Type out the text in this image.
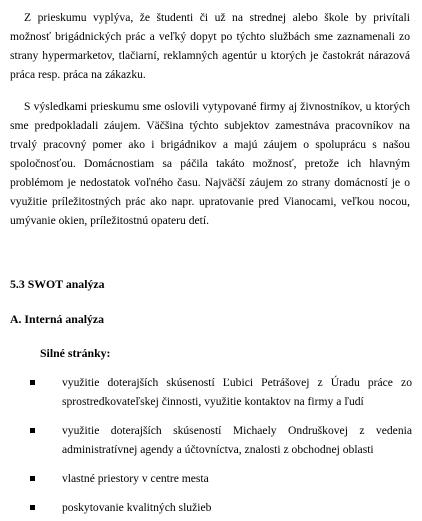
Z prieskumu vyplýva, že študenti či už na strednej alebo škole by privítali možnosť brigádnických prác a veľký dopyt po týchto službách sme zaznamenali zo strany hypermarketov, tlačiarní, reklamných agentúr u ktorých je častokrát nárazová práca resp. práca na zákazku.

S výsledkami prieskumu sme oslovili vytypované firmy aj živnostníkov, u ktorých sme predpokladali záujem. Väčšina týchto subjektov zamestnáva pracovníkov na trvalý pracovný pomer ako i brigádnikov a majú záujem o spoluprácu s našou spoločnosťou. Domácnostiam sa páčila takáto možnosť, pretože ich hlavným problémom je nedostatok voľného času. Najväčší záujem zo strany domácností je o využitie príležitostných prác ako napr. upratovanie pred Vianocami, veľkou nocou, umývanie okien, príležitostnú opateru detí.

5.3 SWOT analýza
A. Interná analýza
Silné stránky:
využitie doterajších skúseností Ľubici Petrášovej z Úradu práce zo sprostredkovateľskej činnosti, využitie kontaktov na firmy a ľudí
využitie doterajších skúseností Michaely Ondruškovej z vedenia administratívnej agendy a účtovníctva, znalosti z obchodnej oblasti
vlastné priestory v centre mesta
poskytovanie kvalitných služieb
